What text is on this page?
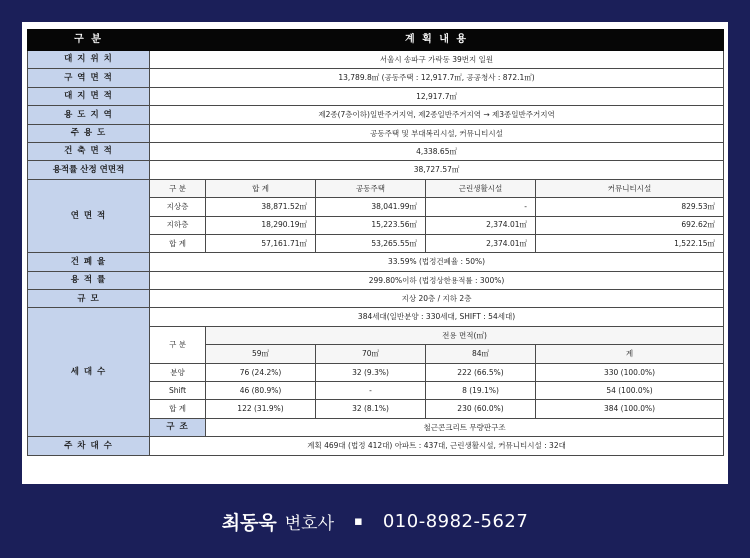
구 분	계 획 내 용					
대 지 위 치	서울시 송파구 가락동 39번지 일원					
구 역 면 적	13,789.8㎡ (공동주택 : 12,917.7㎡, 공공청사 : 872.1㎡)					
대 지 면 적	12,917.7㎡					
용 도 지 역	제2종(7층이하)일반주거지역, 제2종일반주거지역 → 제3종일반주거지역					
주 용 도	공동주택 및 부대복리시설, 커뮤니티시설					
건 축 면 적	4,338.65㎡					
용적률 산정 연면적	38,727.57㎡					
연 면 적	구 분	합 계	공동주택	근린생활시설	커뮤니티시설	
	지상층	38,871.52㎡	38,041.99㎡	-	829.53㎡	
	지하층	18,290.19㎡	15,223.56㎡	2,374.01㎡	692.62㎡	
	합 계	57,161.71㎡	53,265.55㎡	2,374.01㎡	1,522.15㎡	
건 폐 율	33.59% (법정건폐율 : 50%)					
용 적 률	299.80%이하 (법정상한용적률 : 300%)					
규 모	지상 20층 / 지하 2층					
세 대 수	384세대(일반분양 : 330세대, SHIFT : 54세대)					
	구 분	전용 면적(㎡)	
		59㎡	70㎡	84㎡	계	
	분양	76 (24.2%)	32 (9.3%)	222 (66.5%)	330 (100.0%)	
	Shift	46 (80.9%)	-	8 (19.1%)	54 (100.0%)	
	합 계	122 (31.9%)	32 (8.1%)	230 (60.0%)	384 (100.0%)	
	구 조	철근콘크리트 무량판구조				
주 차 대 수	계획 469대 (법정 412대) 아파트 : 437대, 근린생활시설, 커뮤니티시설 : 32대					
최동욱 변호사 ▪ 010-8982-5627
